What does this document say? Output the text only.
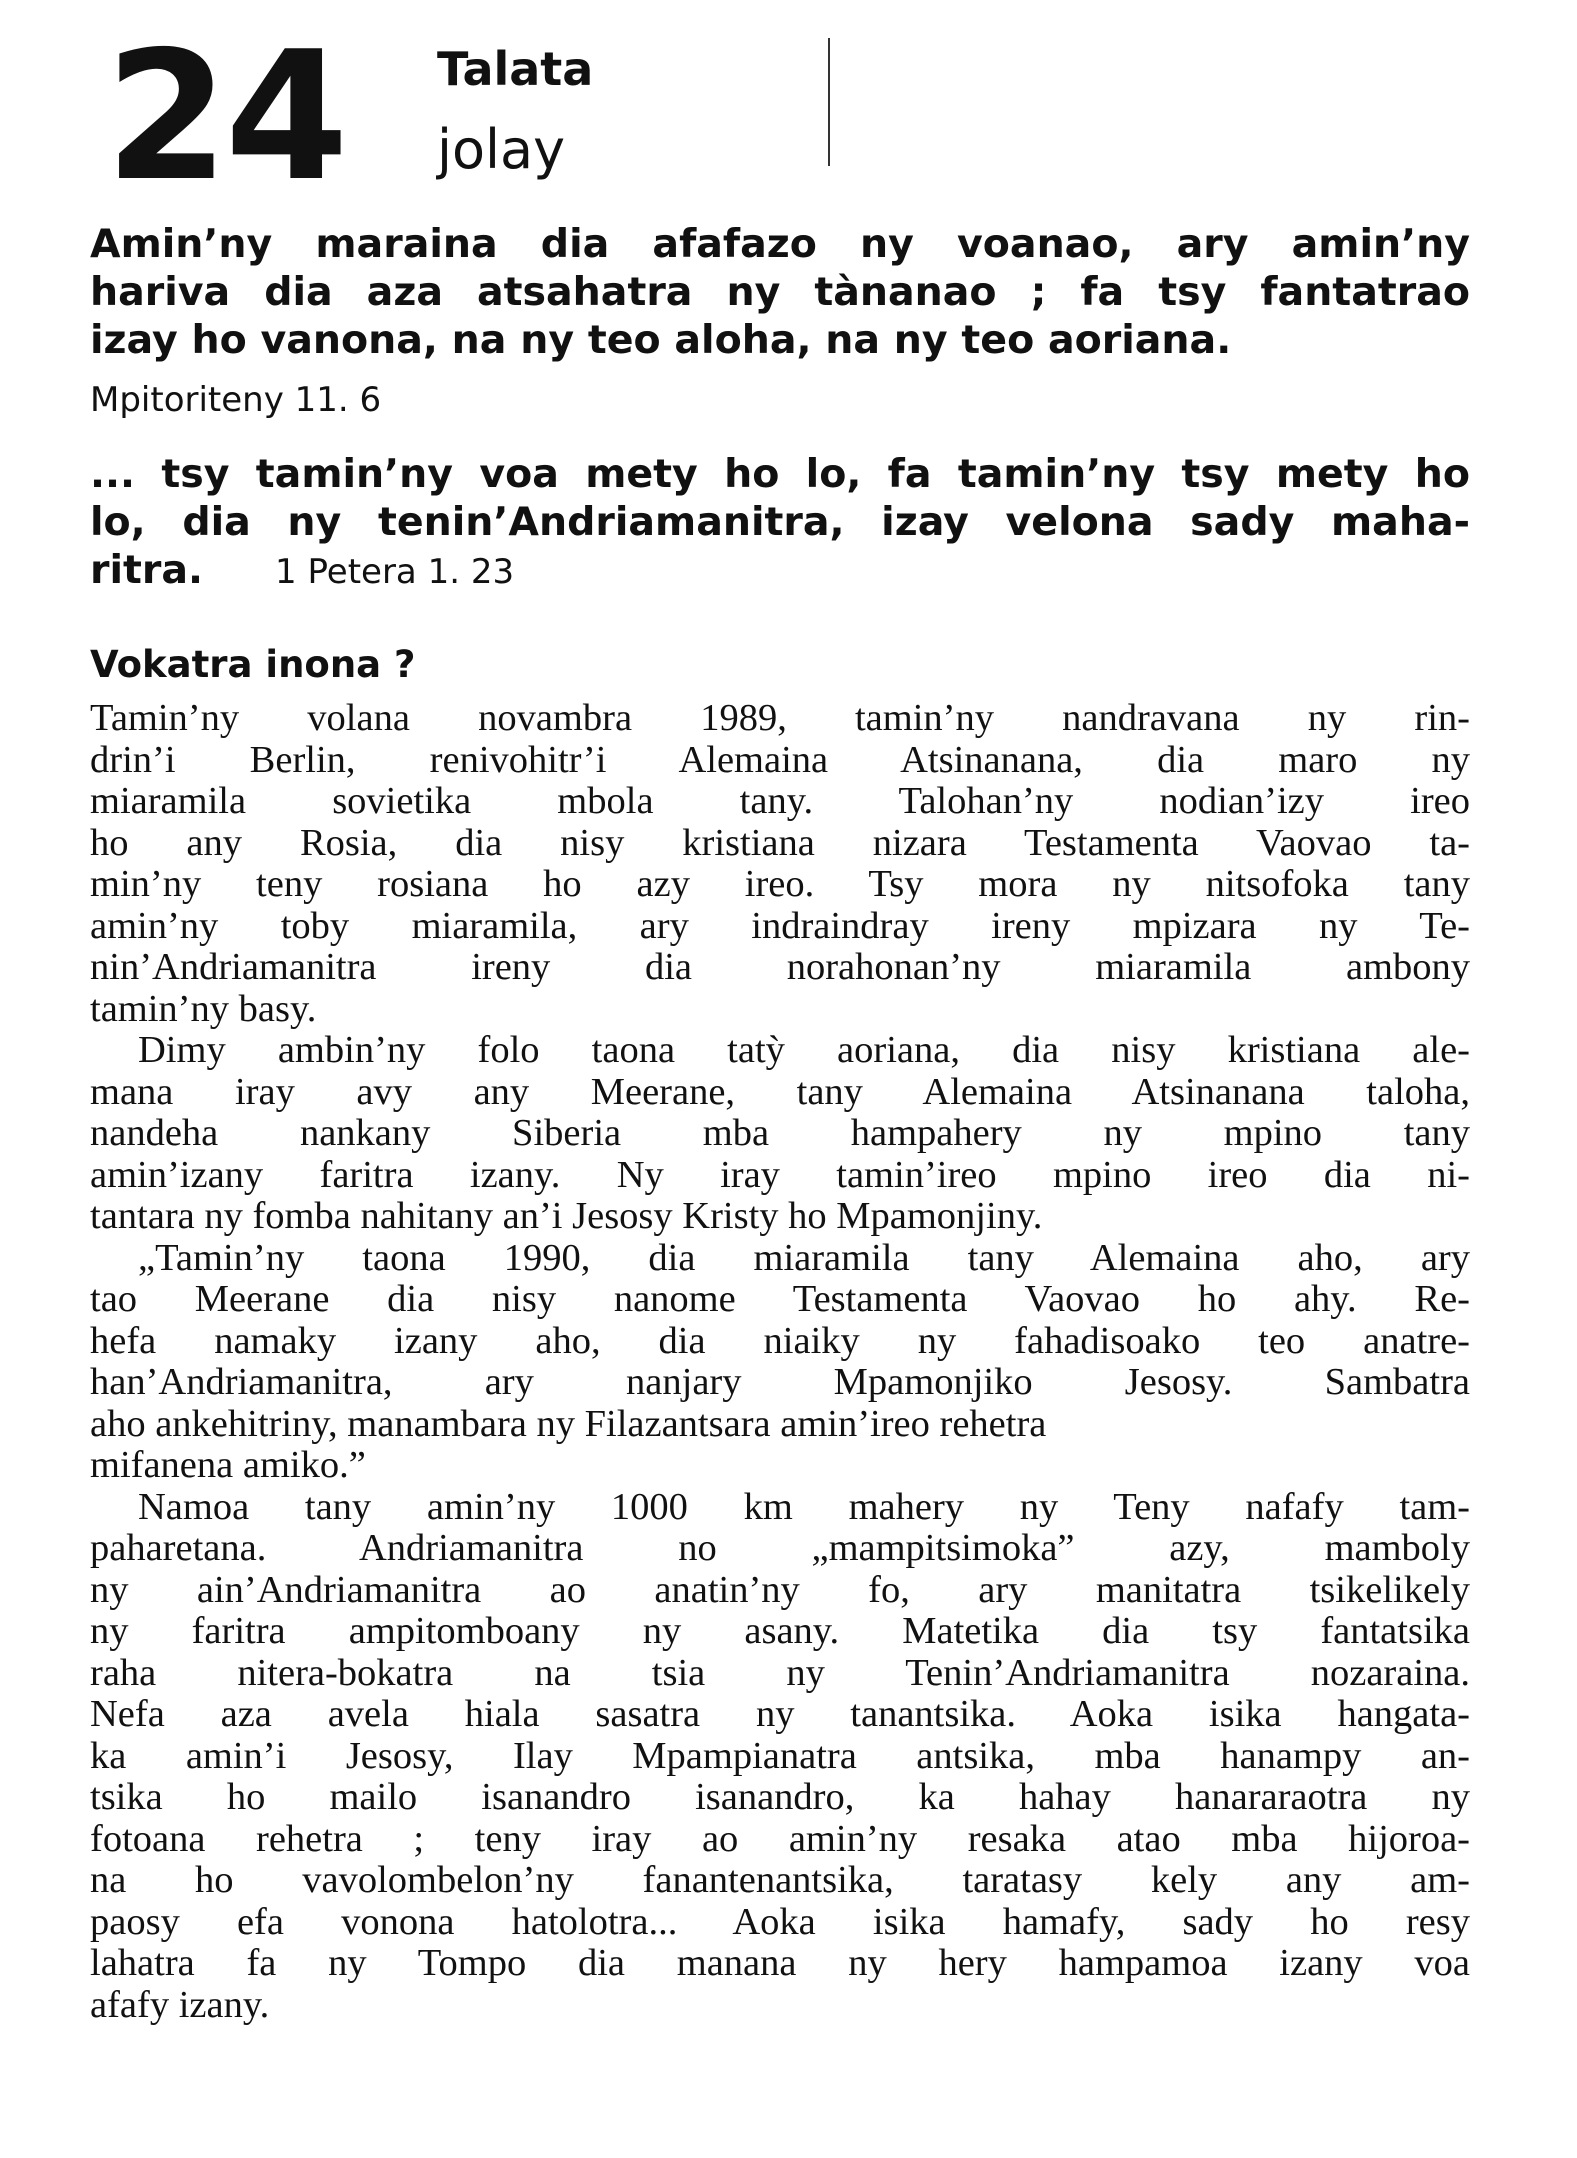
24 Talata
jolay
Amin’ny maraina dia afafazo ny voanao, ary amin’ny
hariva dia aza atsahatra ny tànanao ; fa tsy fantatrao
izay ho vanona, na ny teo aloha, na ny teo aoriana.
Mpitoriteny 11. 6
... tsy tamin’ny voa mety ho lo, fa tamin’ny tsy mety ho
lo, dia ny tenin’Andriamanitra, izay velona sady maha-
ritra. 1 Petera 1. 23
Vokatra inona ?
Tamin’ny volana novambra 1989, tamin’ny nandravana ny rin-
drin’i Berlin, renivohitr’i Alemaina Atsinanana, dia maro ny
miaramila sovietika mbola tany. Talohan’ny nodian’izy ireo
ho any Rosia, dia nisy kristiana nizara Testamenta Vaovao ta-
min’ny teny rosiana ho azy ireo. Tsy mora ny nitsofoka tany
amin’ny toby miaramila, ary indraindray ireny mpizara ny Te-
nin’Andriamanitra ireny dia norahonan’ny miaramila ambony
tamin’ny basy.
Dimy ambin’ny folo taona tatỳ aoriana, dia nisy kristiana ale-
mana iray avy any Meerane, tany Alemaina Atsinanana taloha,
nandeha nankany Siberia mba hampahery ny mpino tany
amin’izany faritra izany. Ny iray tamin’ireo mpino ireo dia ni-
tantara ny fomba nahitany an’i Jesosy Kristy ho Mpamonjiny.
„Tamin’ny taona 1990, dia miaramila tany Alemaina aho, ary
tao Meerane dia nisy nanome Testamenta Vaovao ho ahy. Re-
hefa namaky izany aho, dia niaiky ny fahadisoako teo anatre-
han’Andriamanitra, ary nanjary Mpamonjiko Jesosy. Sambatra
aho ankehitriny, manambara ny Filazantsara amin’ireo rehetra
mifanena amiko.”
Namoa tany amin’ny 1000 km mahery ny Teny nafafy tam-
paharetana. Andriamanitra no „mampitsimoka” azy, mamboly
ny ain’Andriamanitra ao anatin’ny fo, ary manitatra tsikelikely
ny faritra ampitomboany ny asany. Matetika dia tsy fantatsika
raha nitera-bokatra na tsia ny Tenin’Andriamanitra nozaraina.
Nefa aza avela hiala sasatra ny tanantsika. Aoka isika hangata-
ka amin’i Jesosy, Ilay Mpampianatra antsika, mba hanampy an-
tsika ho mailo isanandro isanandro, ka hahay hanararaotra ny
fotoana rehetra ; teny iray ao amin’ny resaka atao mba hijoroa-
na ho vavolombelon’ny fanantenantsika, taratasy kely any am-
paosy efa vonona hatolotra... Aoka isika hamafy, sady ho resy
lahatra fa ny Tompo dia manana ny hery hampamoa izany voa
afafy izany.
